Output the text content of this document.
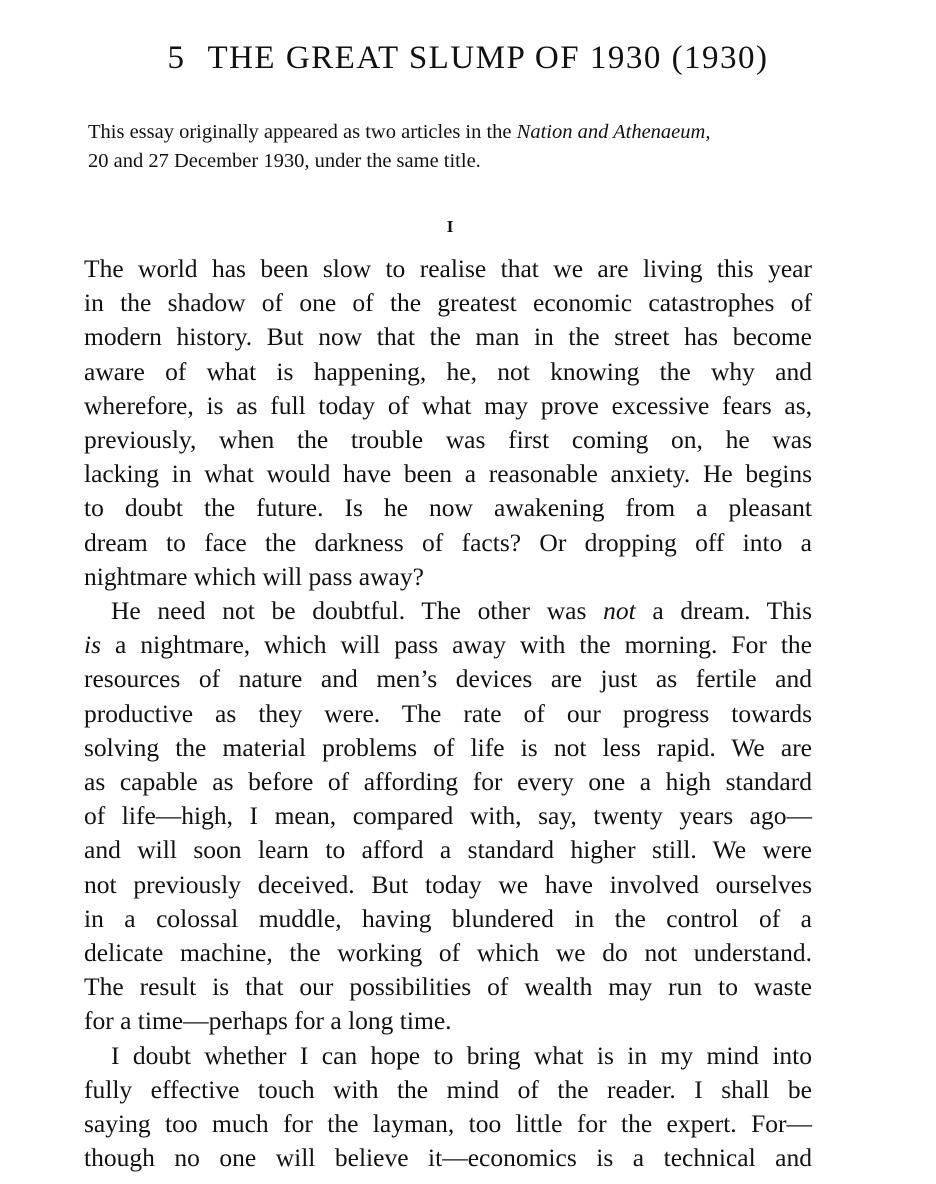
5 THE GREAT SLUMP OF 1930 (1930)
This essay originally appeared as two articles in the Nation and Athenaeum,
20 and 27 December 1930, under the same title.
I

The world has been slow to realise that we are living this year
in the shadow of one of the greatest economic catastrophes of
modern history. But now that the man in the street has become
aware of what is happening, he, not knowing the why and
wherefore, is as full today of what may prove excessive fears as,
previously, when the trouble was first coming on, he was
lacking in what would have been a reasonable anxiety. He begins
to doubt the future. Is he now awakening from a pleasant
dream to face the darkness of facts? Or dropping off into a
nightmare which will pass away?

He need not be doubtful. The other was not a dream. This
is a nightmare, which will pass away with the morning. For the
resources of nature and men’s devices are just as fertile and
productive as they were. The rate of our progress towards
solving the material problems of life is not less rapid. We are
as capable as before of affording for every one a high standard
of life—high, I mean, compared with, say, twenty years ago—
and will soon learn to afford a standard higher still. We were
not previously deceived. But today we have involved ourselves
in a colossal muddle, having blundered in the control of a
delicate machine, the working of which we do not understand.
The result is that our possibilities of wealth may run to waste
for a time—perhaps for a long time.

I doubt whether I can hope to bring what is in my mind into
fully effective touch with the mind of the reader. I shall be
saying too much for the layman, too little for the expert. For—
though no one will believe it—economics is a technical and
